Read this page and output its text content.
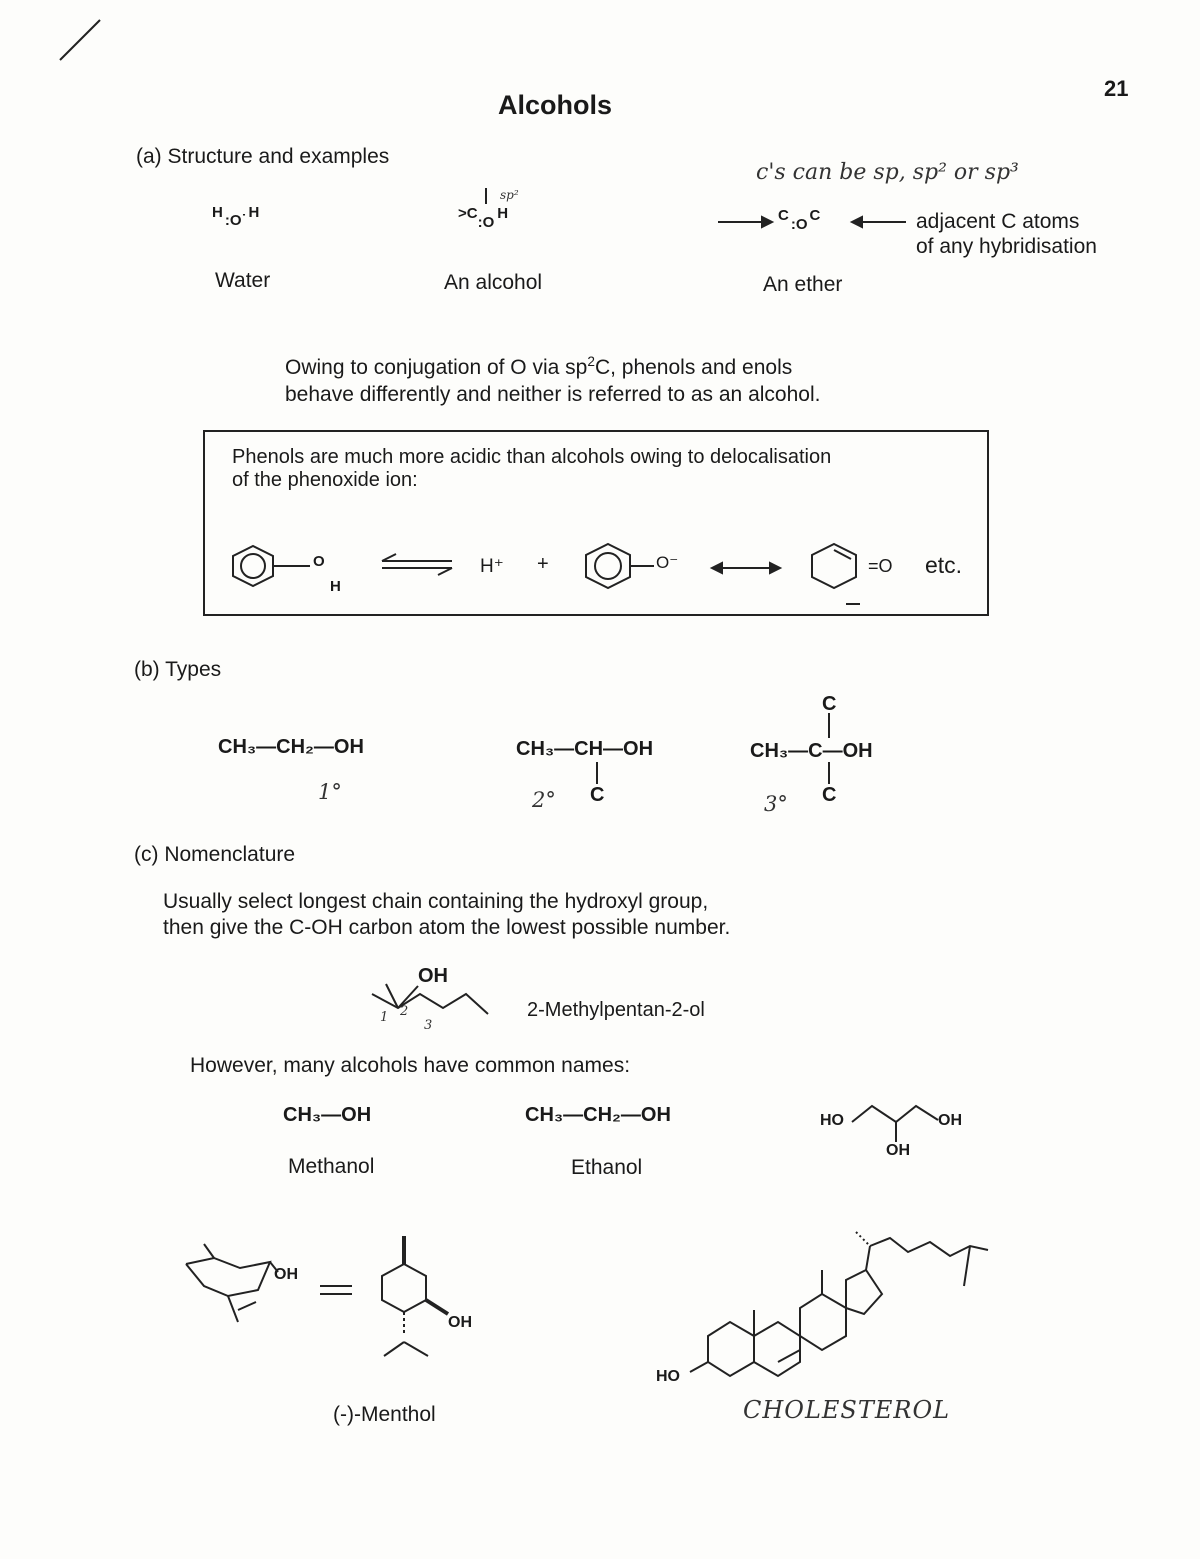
21
Alcohols
(a) Structure and examples
c's can be sp, sp² or sp³
H :O˙ H
Water
>C:OH
sp²
An alcohol
C:OC	adjacent C atoms
of any hybridisation
An ether
Owing to conjugation of O via $sp^2C$, phenols and enols
behave differently and neither is referred to as an alcohol.
Phenols are much more acidic than alcohols owing to delocalisation
of the phenoxide ion:
O
H
H⁺ +	O⁻	=O etc.
(b) Types
CH₃—CH₂—OH
1°
CH₃—CH—OH
C
2°
CH₃—C—OH
C
C
3°
(c) Nomenclature
Usually select longest chain containing the hydroxyl group,
then give the C-OH carbon atom the lowest possible number.
OH
2-Methylpentan-2-ol
1 2
3
However, many alcohols have common names:
CH₃—OH
Methanol
CH₃—CH₂—OH
Ethanol
HO	OH
OH
OH
OH
(-)-Menthol
HO
CHOLESTEROL
